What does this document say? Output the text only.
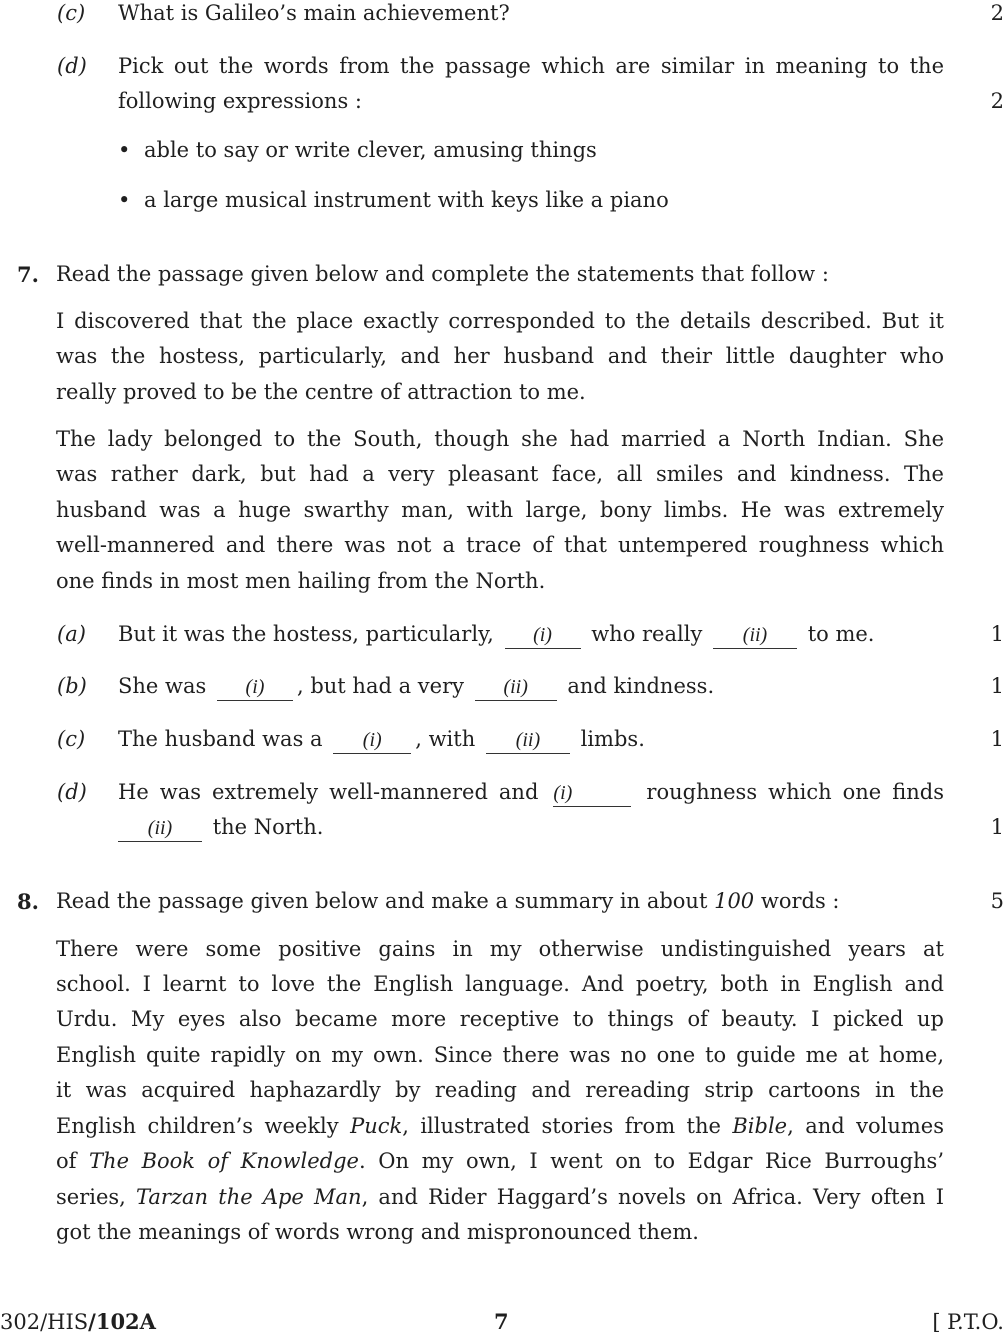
(c) What is Galileo’s main achievement?	2
(d) Pick out the words from the passage which are similar in meaning to the
following expressions :	2
• able to say or write clever, amusing things
• a large musical instrument with keys like a piano
7. Read the passage given below and complete the statements that follow :
I discovered that the place exactly corresponded to the details described. But it
was the hostess, particularly, and her husband and their little daughter who
really proved to be the centre of attraction to me.
The lady belonged to the South, though she had married a North Indian. She
was rather dark, but had a very pleasant face, all smiles and kindness. The
husband was a huge swarthy man, with large, bony limbs. He was extremely
well-mannered and there was not a trace of that untempered roughness which
one finds in most men hailing from the North.
(a) But it was the hostess, particularly, (i) who really (ii) to me.	1
(b) She was (i) , but had a very (ii) and kindness.	1
(c) The husband was a (i) , with (ii) limbs.	1
(d) He was extremely well-mannered and (i)	roughness which one finds
(ii) the North.	1
8. Read the passage given below and make a summary in about 100 words :	5
There were some positive gains in my otherwise undistinguished years at
school. I learnt to love the English language. And poetry, both in English and
Urdu. My eyes also became more receptive to things of beauty. I picked up
English quite rapidly on my own. Since there was no one to guide me at home,
it was acquired haphazardly by reading and rereading strip cartoons in the
English children’s weekly Puck, illustrated stories from the Bible, and volumes
of The Book of Knowledge. On my own, I went on to Edgar Rice Burroughs’
series, Tarzan the Ape Man, and Rider Haggard’s novels on Africa. Very often I
got the meanings of words wrong and mispronounced them.
302/HIS/102A	7	[ P.T.O.
